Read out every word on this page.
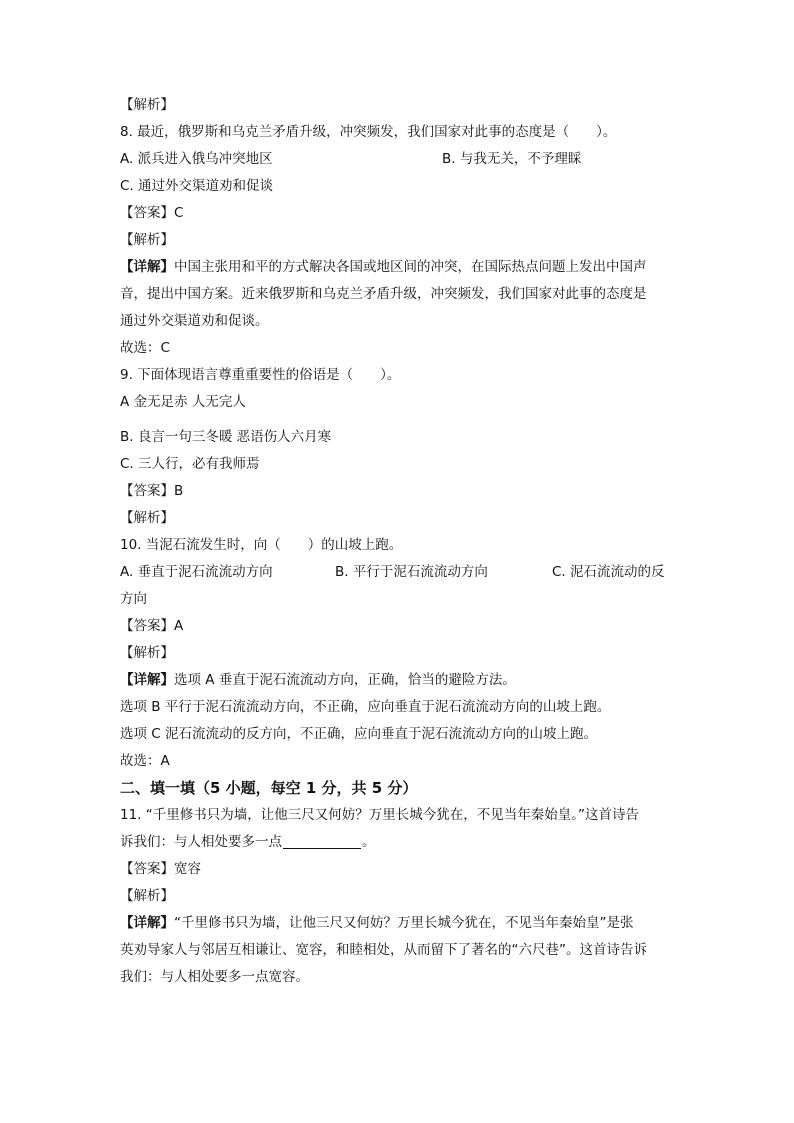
【解析】
8. 最近，俄罗斯和乌克兰矛盾升级，冲突频发，我们国家对此事的态度是（　　）。
A. 派兵进入俄乌冲突地区	B. 与我无关，不予理睬
C. 通过外交渠道劝和促谈
【答案】C
【解析】
【详解】中国主张用和平的方式解决各国或地区间的冲突，在国际热点问题上发出中国声
音，提出中国方案。近来俄罗斯和乌克兰矛盾升级，冲突频发，我们国家对此事的态度是
通过外交渠道劝和促谈。
故选：C
9. 下面体现语言尊重重要性的俗语是（　　）。
A 金无足赤 人无完人
B. 良言一句三冬暖 恶语伤人六月寒
C. 三人行，必有我师焉
【答案】B
【解析】
10. 当泥石流发生时，向（　　）的山坡上跑。
A. 垂直于泥石流流动方向	B. 平行于泥石流流动方向	C. 泥石流流动的反
方向
【答案】A
【解析】
【详解】选项 A 垂直于泥石流流动方向，正确，恰当的避险方法。
选项 B 平行于泥石流流动方向，不正确，应向垂直于泥石流流动方向的山坡上跑。
选项 C 泥石流流动的反方向，不正确，应向垂直于泥石流流动方向的山坡上跑。
故选：A
二、填一填（5 小题，每空 1 分，共 5 分）
11. “千里修书只为墙，让他三尺又何妨？万里长城今犹在，不见当年秦始皇。”这首诗告
诉我们：与人相处要多一点	。
【答案】宽容
【解析】
【详解】“千里修书只为墙，让他三尺又何妨？万里长城今犹在，不见当年秦始皇”是张
英劝导家人与邻居互相谦让、宽容，和睦相处，从而留下了著名的“六尺巷”。这首诗告诉
我们：与人相处要多一点宽容。
